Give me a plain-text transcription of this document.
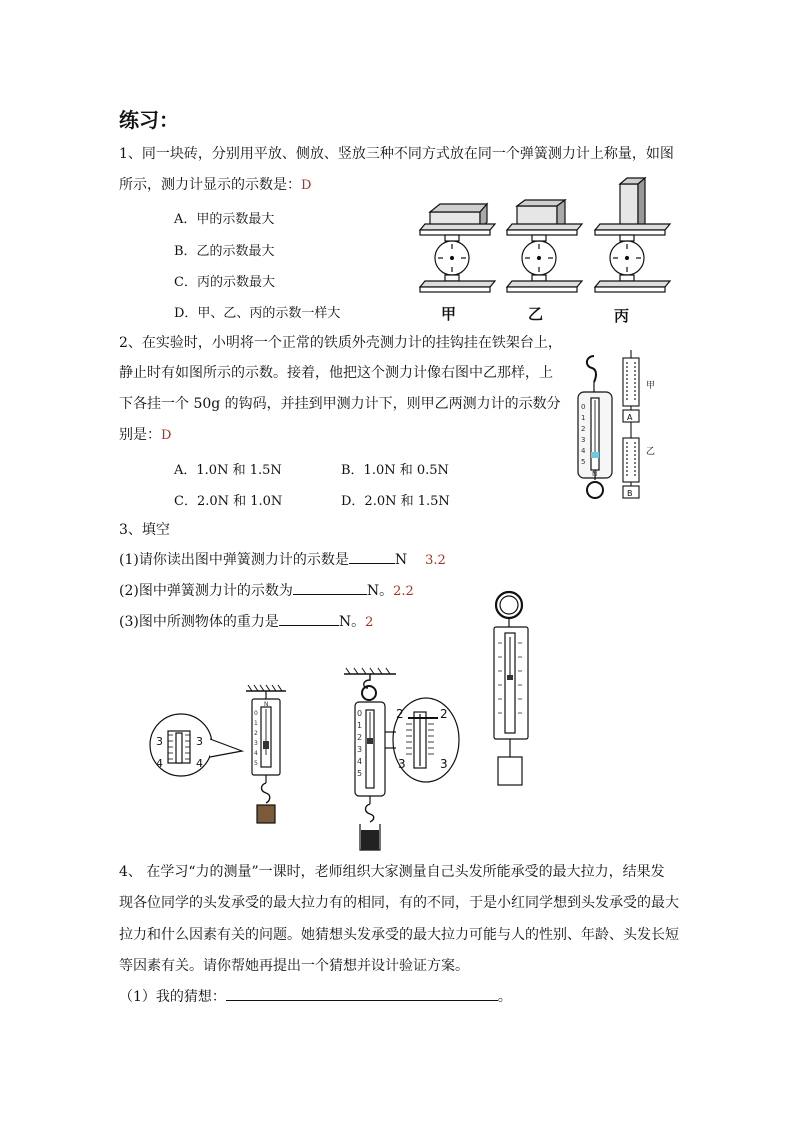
练习：
1、同一块砖，分别用平放、侧放、竖放三种不同方式放在同一个弹簧测力计上称量，如图
所示，测力计显示的示数是：D
A．甲的示数最大
B．乙的示数最大
C．丙的示数最大
D．甲、乙、丙的示数一样大	甲	乙	丙
2、在实验时，小明将一个正常的铁质外壳测力计的挂钩挂在铁架台上，
静止时有如图所示的示数。接着，他把这个测力计像右图中乙那样，上
下各挂一个 50g 的钩码，并挂到甲测力计下，则甲乙两测力计的示数分
别是：D
A．1.0N 和 1.5N	B．1.0N 和 0.5N
C．2.0N 和 1.0N	D．2.0N 和 1.5N
0
1
2
3
4
5
N
甲
A
乙
B
3、填空
(1)请你读出图中弹簧测力计的示数是	N 3.2
(2)图中弹簧测力计的示数为	N。2.2
(3)图中所测物体的重力是	N。2
3	3
4	4
N
0
1
2
3
4
5
2	2
3	3
0
1
2
3
4
5
4、 在学习“力的测量”一课时，老师组织大家测量自己头发所能承受的最大拉力，结果发
现各位同学的头发承受的最大拉力有的相同，有的不同，于是小红同学想到头发承受的最大
拉力和什么因素有关的问题。她猜想头发承受的最大拉力可能与人的性别、年龄、头发长短
等因素有关。请你帮她再提出一个猜想并设计验证方案。
（1）我的猜想：	。
